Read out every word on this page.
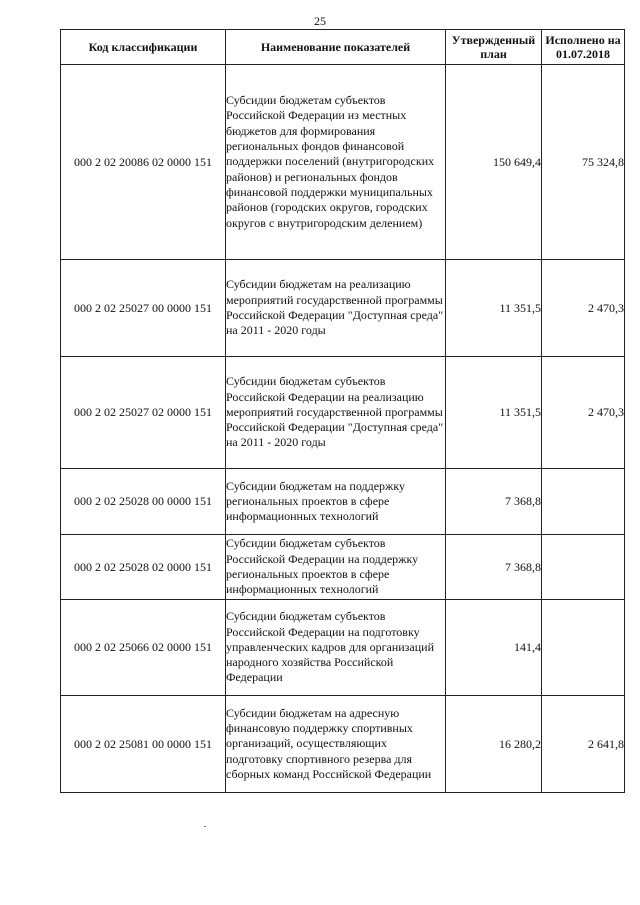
25
Код классификации	Наименование показателей	Утвержденный план	Исполнено на 01.07.2018
000 2 02 20086 02 0000 151	Субсидии бюджетам субъектов Российской Федерации из местных бюджетов для формирования региональных фондов финансовой поддержки поселений (внутригородских районов) и региональных фондов финансовой поддержки муниципальных районов (городских округов, городских округов с внутригородским делением)	150 649,4	75 324,8
000 2 02 25027 00 0000 151	Субсидии бюджетам на реализацию мероприятий государственной программы Российской Федерации "Доступная среда" на 2011 - 2020 годы	11 351,5	2 470,3
000 2 02 25027 02 0000 151	Субсидии бюджетам субъектов Российской Федерации на реализацию мероприятий государственной программы Российской Федерации "Доступная среда" на 2011 - 2020 годы	11 351,5	2 470,3
000 2 02 25028 00 0000 151	Субсидии бюджетам на поддержку региональных проектов в сфере информационных технологий	7 368,8	
000 2 02 25028 02 0000 151	Субсидии бюджетам субъектов Российской Федерации на поддержку региональных проектов в сфере информационных технологий	7 368,8	
000 2 02 25066 02 0000 151	Субсидии бюджетам субъектов Российской Федерации на подготовку управленческих кадров для организаций народного хозяйства Российской Федерации	141,4	
000 2 02 25081 00 0000 151	Субсидии бюджетам на адресную финансовую поддержку спортивных организаций, осуществляющих подготовку спортивного резерва для сборных команд Российской Федерации	16 280,2	2 641,8
